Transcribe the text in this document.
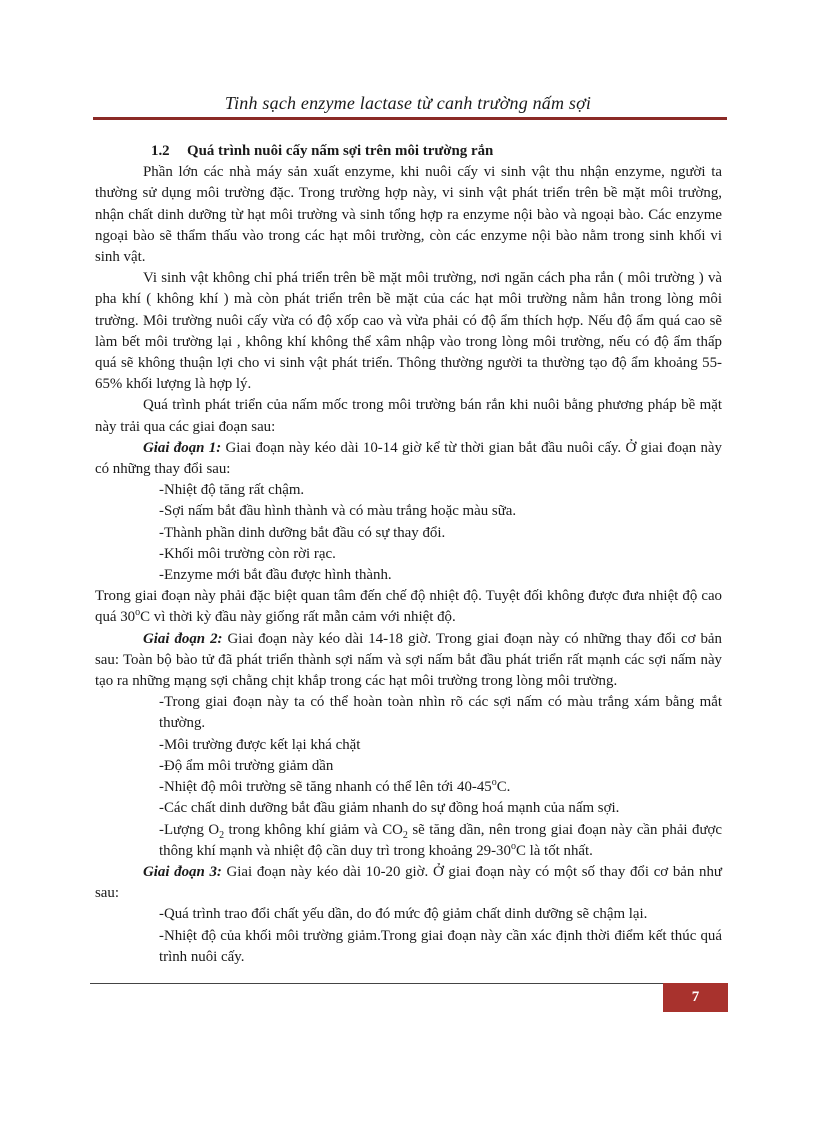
Tinh sạch enzyme lactase từ canh trường nấm sợi

1.2 Quá trình nuôi cấy nấm sợi trên môi trường rắn

Phần lớn các nhà máy sản xuất enzyme, khi nuôi cấy vi sinh vật thu nhận enzyme, người ta thường sử dụng môi trường đặc. Trong trường hợp này, vi sinh vật phát triển trên bề mặt môi trường, nhận chất dinh dưỡng từ hạt môi trường và sinh tổng hợp ra enzyme nội bào và ngoại bào. Các enzyme ngoại bào sẽ thẩm thấu vào trong các hạt môi trường, còn các enzyme nội bào nằm trong sinh khối vi sinh vật.

Vi sinh vật không chỉ phá triển trên bề mặt môi trường, nơi ngăn cách pha rắn ( môi trường ) và pha khí ( không khí ) mà còn phát triển trên bề mặt của các hạt môi trường nằm hẳn trong lòng môi trường. Môi trường nuôi cấy vừa có độ xốp cao và vừa phải có độ ẩm thích hợp. Nếu độ ẩm quá cao sẽ làm bết môi trường lại , không khí không thể xâm nhập vào trong lòng môi trường, nếu có độ ẩm thấp quá sẽ không thuận lợi cho vi sinh vật phát triển. Thông thường người ta thường tạo độ ẩm khoảng 55-65% khối lượng là hợp lý.

Quá trình phát triển của nấm mốc trong môi trường bán rắn khi nuôi bằng phương pháp bề mặt này trải qua các giai đoạn sau:

Giai đoạn 1: Giai đoạn này kéo dài 10-14 giờ kể từ thời gian bắt đầu nuôi cấy. Ở giai đoạn này có những thay đổi sau:

-Nhiệt độ tăng rất chậm.

-Sợi nấm bắt đầu hình thành và có màu trắng hoặc màu sữa.

-Thành phần dinh dưỡng bắt đầu có sự thay đổi.

-Khối môi trường còn rời rạc.

-Enzyme mới bắt đầu được hình thành.

Trong giai đoạn này phải đặc biệt quan tâm đến chế độ nhiệt độ. Tuyệt đối không được đưa nhiệt độ cao quá 30$^o$C vì thời kỳ đầu này giống rất mẫn cảm với nhiệt độ.

Giai đoạn 2: Giai đoạn này kéo dài 14-18 giờ. Trong giai đoạn này có những thay đổi cơ bản sau: Toàn bộ bào tử đã phát triển thành sợi nấm và sợi nấm bắt đầu phát triển rất mạnh các sợi nấm này tạo ra những mạng sợi chằng chịt khắp trong các hạt môi trường trong lòng môi trường.

-Trong giai đoạn này ta có thể hoàn toàn nhìn rõ các sợi nấm có màu trắng xám bằng mắt thường.

-Môi trường được kết lại khá chặt

-Độ ẩm môi trường giảm dần

-Nhiệt độ môi trường sẽ tăng nhanh có thể lên tới 40-45$^o$C.

-Các chất dinh dưỡng bắt đầu giảm nhanh do sự đồng hoá mạnh của nấm sợi.

-Lượng $O_2$ trong không khí giảm và $CO_2$ sẽ tăng dần, nên trong giai đoạn này cần phải được thông khí mạnh và nhiệt độ cần duy trì trong khoảng 29-30$^o$C là tốt nhất.

Giai đoạn 3: Giai đoạn này kéo dài 10-20 giờ. Ở giai đoạn này có một số thay đổi cơ bản như sau:

-Quá trình trao đổi chất yếu dần, do đó mức độ giảm chất dinh dưỡng sẽ chậm lại.

-Nhiệt độ của khối môi trường giảm.Trong giai đoạn này cần xác định thời điểm kết thúc quá trình nuôi cấy.

7
